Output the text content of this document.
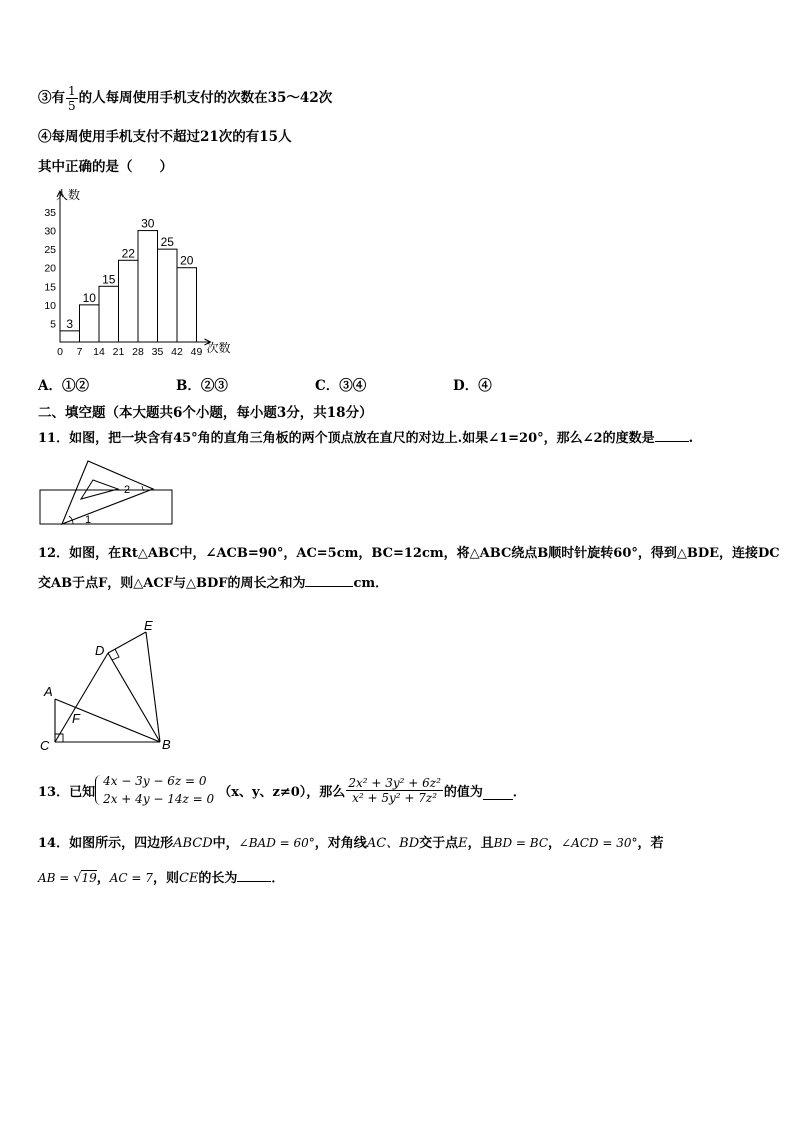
③有 $\frac{1}{5}$ 的人每周使用手机支付的次数在35～42次
④每周使用手机支付不超过21次的有15人
其中正确的是（　　）
人数
次数
5
10
15
20
25
30
35
0 7 14 21 28 35 42 49
3
10
15
22
30
25
20
A．①②	B．②③	C．③④	D．④
二、填空题（本大题共6个小题，每小题3分，共18分）
11．如图，把一块含有45°角的直角三角板的两个顶点放在直尺的对边上.如果∠1=20°，那么∠2的度数是	.
1
2
12．如图，在Rt△ABC中，∠ACB=90°，AC=5cm，BC=12cm，将△ABC绕点B顺时针旋转60°，得到△BDE，连接DC
交AB于点F，则△ACF与△BDF的周长之和为	cm．
A
B
C
D
E
F
13．已知
4x − 3y − 6z = 0
2x + 4y − 14z = 0 （x、y、z≠0），那么 $\frac{\text{2x² + 3y² + 6z²}}{\text{x² + 5y² + 7z²}}$ 的值为 ．
14．如图所示，四边形ABCD中，∠BAD = 60°，对角线AC、BD交于点E，且BD = BC，∠ACD = 30°，若
AB = √19，AC = 7，则CE的长为	．
